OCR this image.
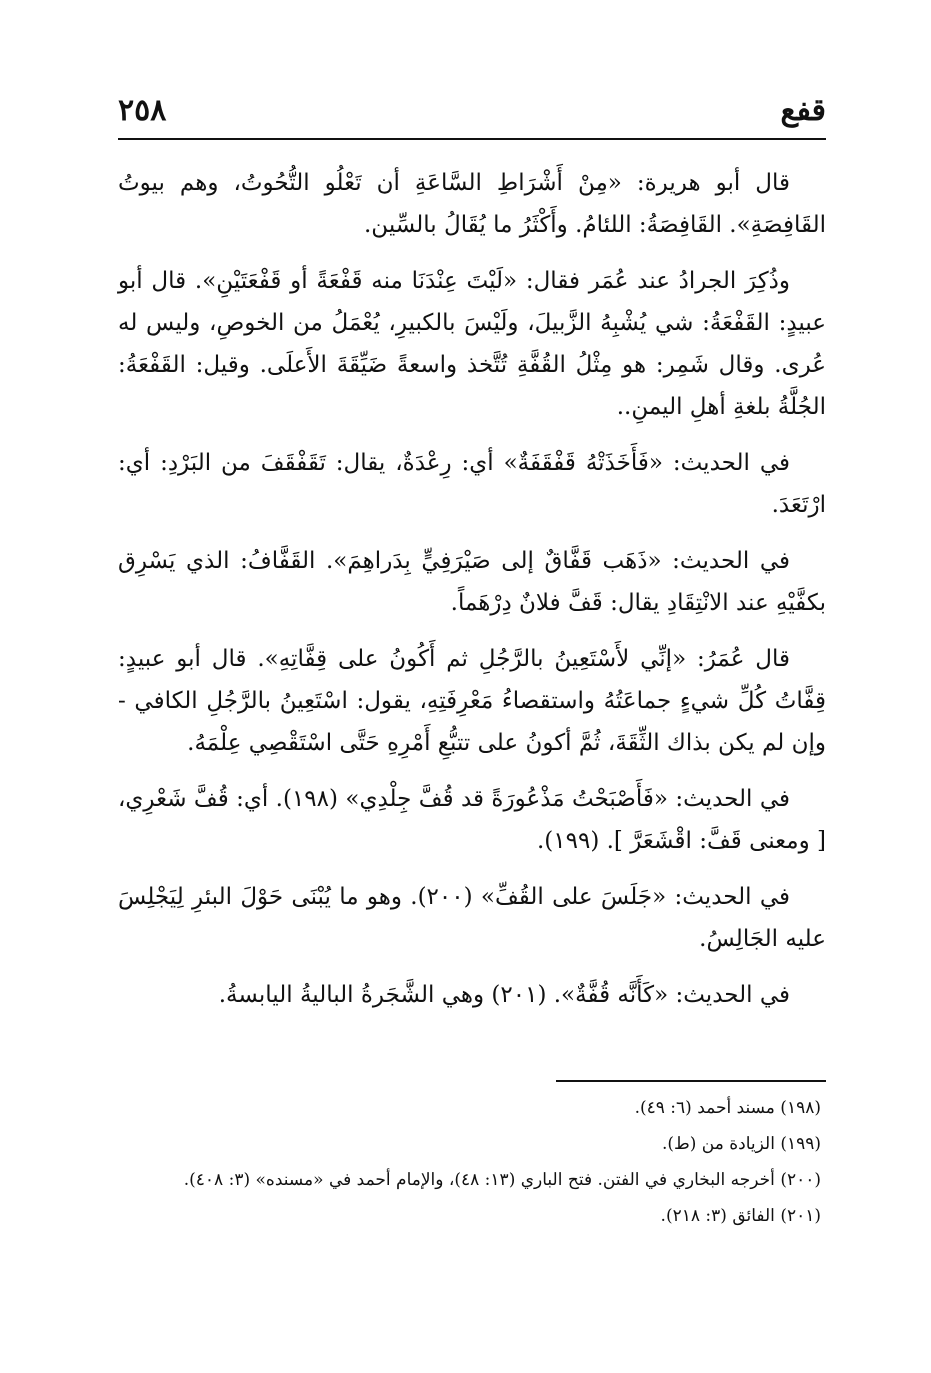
قفع
٢٥٨

قال أبو هريرة: «مِنْ أَشْرَاطِ السَّاعَةِ أن تَعْلُو التُّحُوتُ، وهم بيوتُ القَافِصَةِ». القَافِصَةُ: اللئامُ. وأَكْثَرُ ما يُقَالُ بالسِّين.

وذُكِرَ الجرادُ عند عُمَر فقال: «لَيْتَ عِنْدَنَا منه قَفْعَةً أو قَفْعَتَيْنِ». قال أبو عبيدٍ: القَفْعَةُ: شي يُشْبِهُ الزَّبيلَ، ولَيْسَ بالكبيرِ، يُعْمَلُ من الخوصِ، وليس له عُرى. وقال شَمِر: هو مِثْلُ القُفَّةِ تُتَّخذ واسعةً ضَيِّقَةَ الأَعلَى. وقيل: القَفْعَةُ: الجُلَّةُ بلغةِ أهلِ اليمنِ..

في الحديث: «فَأَخَذَتْهُ قَفْقَفَةٌ» أي: رِعْدَةٌ، يقال: تَقَفْقَفَ من البَرْدِ: أي: ارْتَعَدَ.

في الحديث: «ذَهَب قَفَّاقٌ إلى صَيْرَفِيٍّ بِدَراهِمَ». القَفَّافُ: الذي يَسْرِق بكفَّيْهِ عند الانْتِقَادِ يقال: قَفَّ فلانٌ دِرْهَماً.

قال عُمَرُ: «إنِّي لأَسْتَعِينُ بالرَّجُلِ ثم أَكُونُ على قِفَّاتِهِ». قال أبو عبيدٍ: قِفَّاتُ كُلِّ شيءٍ جماعَتُهُ واستقصاءُ مَعْرِفَتِهِ، يقول: اسْتَعِينُ بالرَّجُلِ الكافي - وإن لم يكن بذاك الثِّقَةَ، ثُمَّ أكونُ على تتبُّعِ أَمْرِهِ حَتَّى اسْتَقْصِي عِلْمَهُ.

في الحديث: «فَأَصْبَحْتُ مَذْعُورَةً قد قُفَّ جِلْدِي» (١٩٨). أي: قُفَّ شَعْرِي، [ ومعنى قَفَّ: اقْشَعَرَّ ]. (١٩٩).

في الحديث: «جَلَسَ على القُفِّ» (٢٠٠). وهو ما يُبْنَى حَوْلَ البئرِ لِيَجْلِسَ عليه الجَالِسُ.

في الحديث: «كَأَنَّه قُفَّةٌ». (٢٠١) وهي الشَّجَرةُ الباليةُ اليابسةُ.

(١٩٨) مسند أحمد (٦: ٤٩).

(١٩٩) الزيادة من (ط).

(٢٠٠) أخرجه البخاري في الفتن. فتح الباري (١٣: ٤٨)، والإمام أحمد في «مسنده» (٣: ٤٠٨).

(٢٠١) الفائق (٣: ٢١٨).
